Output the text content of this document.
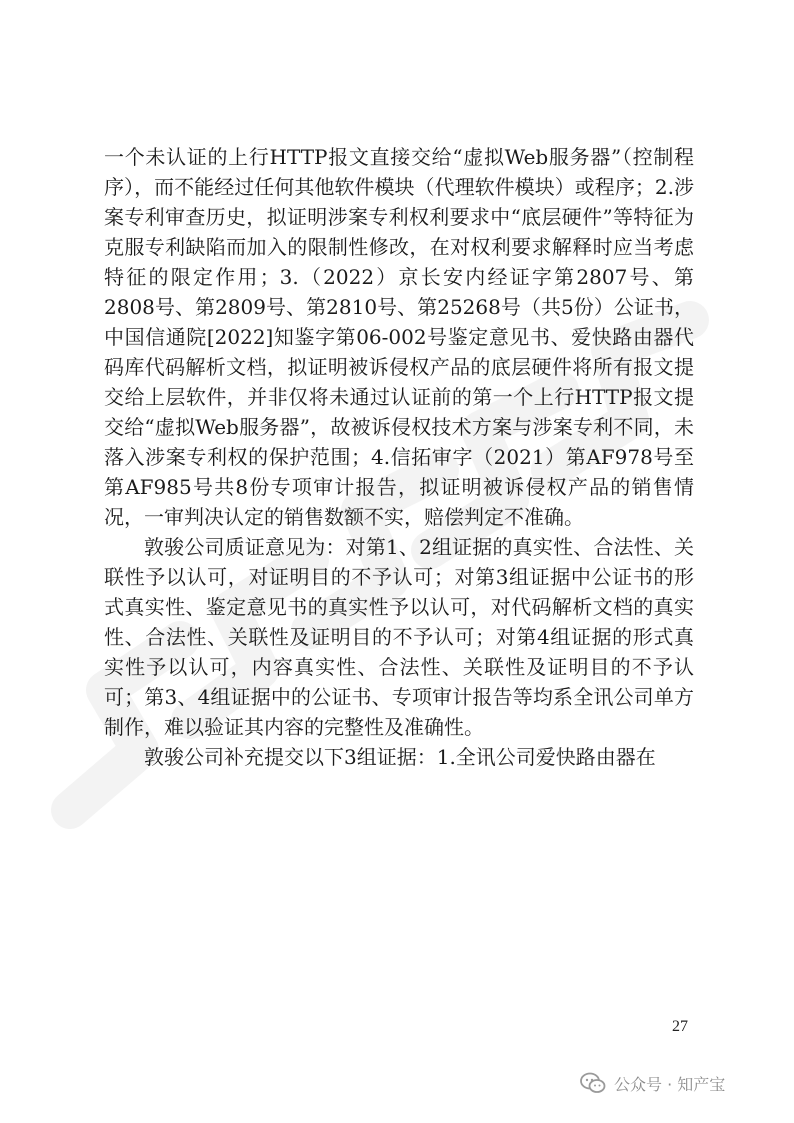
一个未认证的上行HTTP报文直接交给“虚拟Web服务器”（控制程序），而不能经过任何其他软件模块（代理软件模块）或程序；2.涉案专利审查历史，拟证明涉案专利权利要求中“底层硬件”等特征为克服专利缺陷而加入的限制性修改，在对权利要求解释时应当考虑特征的限定作用；3.（2022）京长安内经证字第2807号、第2808号、第2809号、第2810号、第25268号（共5份）公证书，中国信通院[2022]知鉴字第06-002号鉴定意见书、爱快路由器代码库代码解析文档，拟证明被诉侵权产品的底层硬件将所有报文提交给上层软件，并非仅将未通过认证前的第一个上行HTTP报文提交给“虚拟Web服务器”，故被诉侵权技术方案与涉案专利不同，未落入涉案专利权的保护范围；4.信拓审字（2021）第AF978号至第AF985号共8份专项审计报告，拟证明被诉侵权产品的销售情况，一审判决认定的销售数额不实，赔偿判定不准确。

敦骏公司质证意见为：对第1、2组证据的真实性、合法性、关联性予以认可，对证明目的不予认可；对第3组证据中公证书的形式真实性、鉴定意见书的真实性予以认可，对代码解析文档的真实性、合法性、关联性及证明目的不予认可；对第4组证据的形式真实性予以认可，内容真实性、合法性、关联性及证明目的不予认可；第3、4组证据中的公证书、专项审计报告等均系全讯公司单方制作，难以验证其内容的完整性及准确性。

敦骏公司补充提交以下3组证据：1.全讯公司爱快路由器在

27
公众号 · 知产宝
